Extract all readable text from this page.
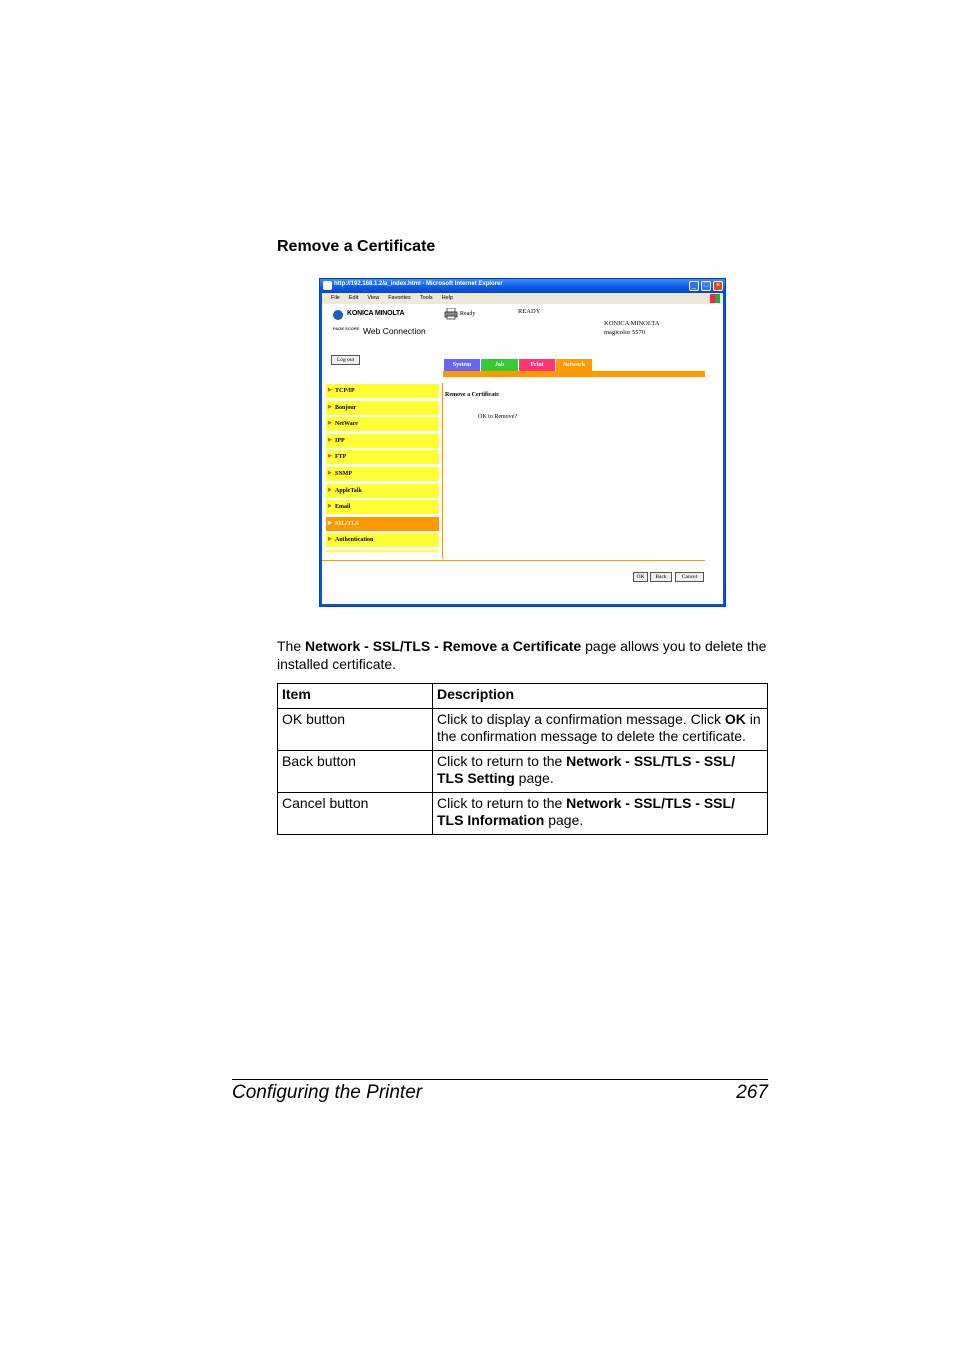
Remove a Certificate
http://192.168.1.2/a_index.html - Microsoft Internet Explorer	_	□	×
File Edit View Favorites Tools Help
KONICA MINOLTA
PAGE SCOPE Web Connection
Ready	READY
KONICA MINOLTA
magicolor 5570
Log out
System	Job	Print	Network
▶ TCP/IP
▶ Bonjour
▶ NetWare
▶ IPP
▶ FTP
▶ SNMP
▶ AppleTalk
▶ Email
▶ SSL/TLS
▶ Authentication
Remove a Certificate
OK to Remove?
OK	Back	Cancel
The Network - SSL/TLS - Remove a Certificate page allows you to delete the installed certificate.
Item	Description
OK button	Click to display a confirmation message. Click OK in the confirmation message to delete the certificate.
Back button	Click to return to the Network - SSL/TLS - SSL/ TLS Setting page.
Cancel button	Click to return to the Network - SSL/TLS - SSL/ TLS Information page.
Configuring the Printer	267
